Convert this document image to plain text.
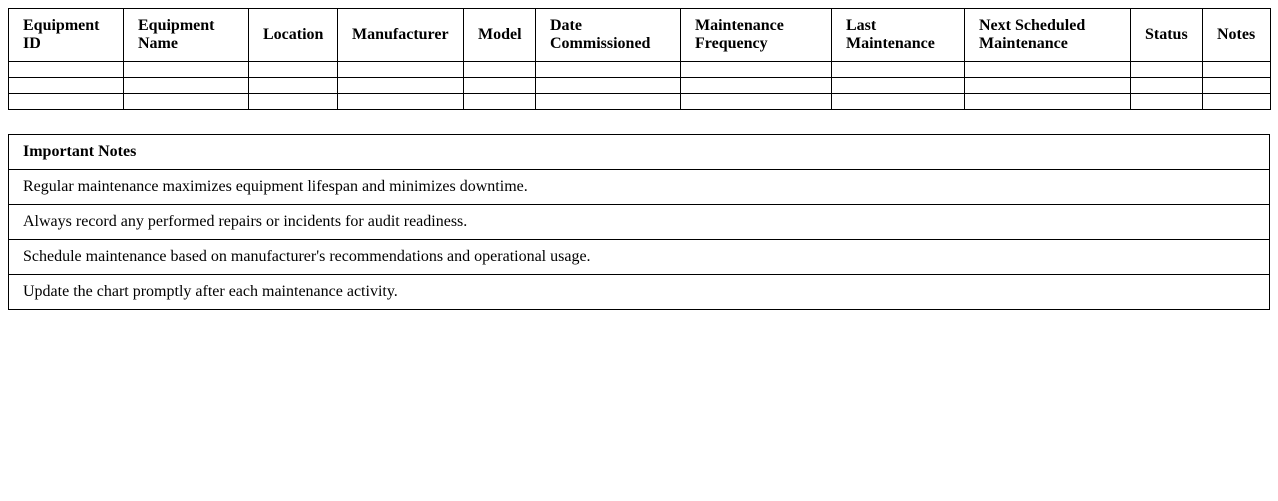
Equipment ID	Equipment Name	Location	Manufacturer	Model	Date Commissioned	Maintenance Frequency	Last Maintenance	Next Scheduled Maintenance	Status	Notes

Important Notes
Regular maintenance maximizes equipment lifespan and minimizes downtime.
Always record any performed repairs or incidents for audit readiness.
Schedule maintenance based on manufacturer's recommendations and operational usage.
Update the chart promptly after each maintenance activity.
